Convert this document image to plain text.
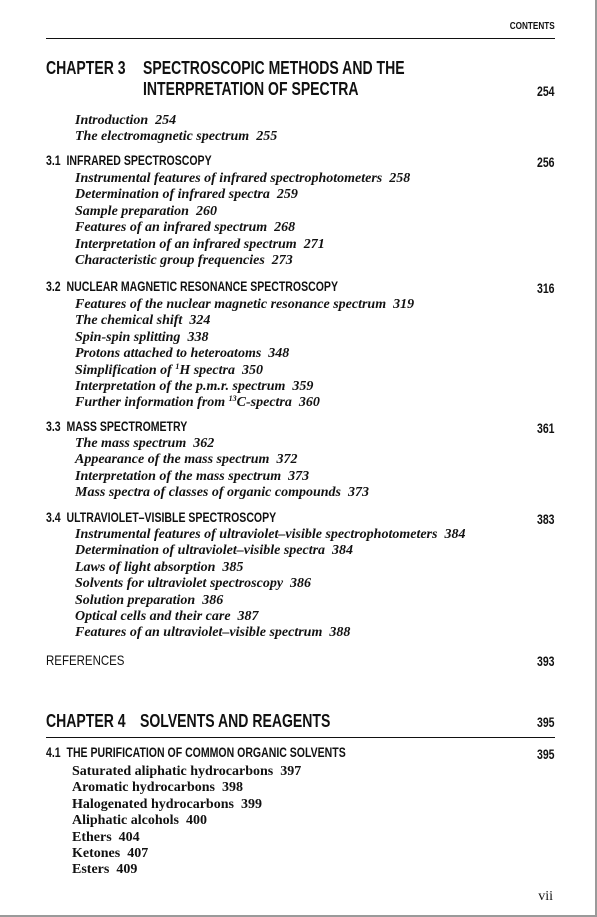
CONTENTS
CHAPTER 3 SPECTROSCOPIC METHODS AND THE
INTERPRETATION OF SPECTRA	254
Introduction 254
The electromagnetic spectrum 255
3.1 INFRARED SPECTROSCOPY	256
Instrumental features of infrared spectrophotometers 258
Determination of infrared spectra 259
Sample preparation 260
Features of an infrared spectrum 268
Interpretation of an infrared spectrum 271
Characteristic group frequencies 273
3.2 NUCLEAR MAGNETIC RESONANCE SPECTROSCOPY	316
Features of the nuclear magnetic resonance spectrum 319
The chemical shift 324
Spin-spin splitting 338
Protons attached to heteroatoms 348
Simplification of $^1$H spectra 350
Interpretation of the p.m.r. spectrum 359
Further information from $^{13}$C-spectra 360
3.3 MASS SPECTROMETRY	361
The mass spectrum 362
Appearance of the mass spectrum 372
Interpretation of the mass spectrum 373
Mass spectra of classes of organic compounds 373
3.4 ULTRAVIOLET–VISIBLE SPECTROSCOPY	383
Instrumental features of ultraviolet–visible spectrophotometers 384
Determination of ultraviolet–visible spectra 384
Laws of light absorption 385
Solvents for ultraviolet spectroscopy 386
Solution preparation 386
Optical cells and their care 387
Features of an ultraviolet–visible spectrum 388
REFERENCES	393
CHAPTER 4 SOLVENTS AND REAGENTS	395
4.1 THE PURIFICATION OF COMMON ORGANIC SOLVENTS	395
Saturated aliphatic hydrocarbons 397
Aromatic hydrocarbons 398
Halogenated hydrocarbons 399
Aliphatic alcohols 400
Ethers 404
Ketones 407
Esters 409
vii
